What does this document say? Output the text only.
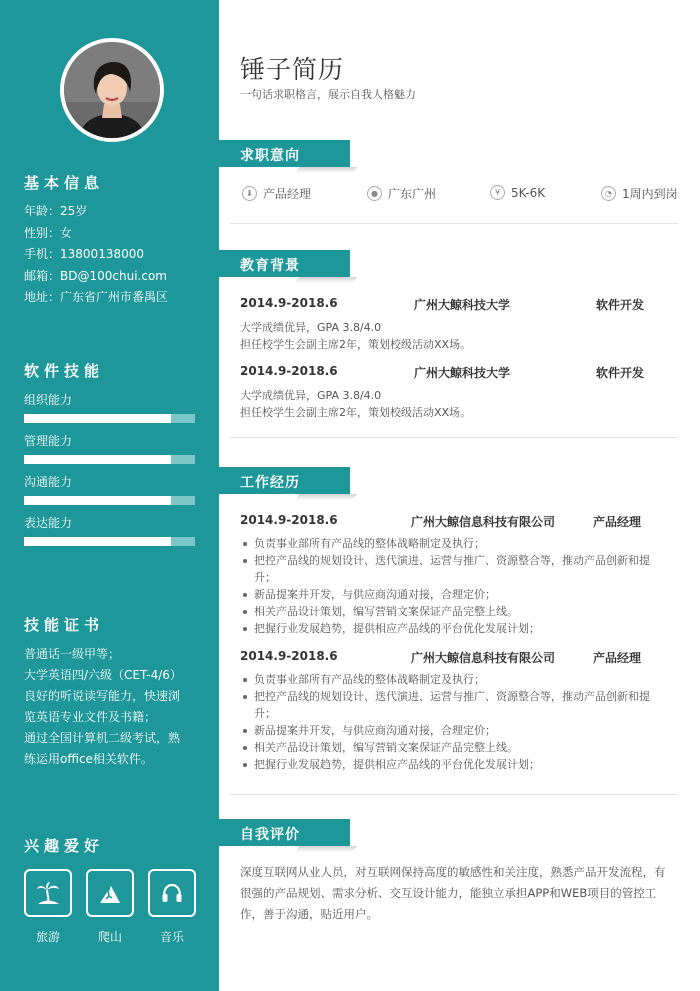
基本信息
年龄：25岁
性别：女
手机：13800138000
邮箱：BD@100chui.com
地址：广东省广州市番禺区
软件技能
组织能力
管理能力
沟通能力
表达能力
技能证书
普通话一级甲等；
大学英语四/六级（CET-4/6）
良好的听说读写能力，快速浏
览英语专业文件及书籍；
通过全国计算机二级考试，熟
练运用office相关软件。
兴趣爱好
旅游	爬山	音乐
锤子简历
一句话求职格言，展示自我人格魅力
求职意向
⬇ 产品经理	● 广东广州	¥ 5K-6K	◔ 1周内到岗
教育背景
2014.9-2018.6	广州大鲸科技大学	软件开发
大学成绩优异，GPA 3.8/4.0
担任校学生会副主席2年，策划校级活动XX场。
2014.9-2018.6	广州大鲸科技大学	软件开发
大学成绩优异，GPA 3.8/4.0
担任校学生会副主席2年，策划校级活动XX场。
工作经历
2014.9-2018.6	广州大鲸信息科技有限公司	产品经理
负责事业部所有产品线的整体战略制定及执行；
把控产品线的规划设计、迭代演进、运营与推广、资源整合等，推动产品创新和提升；
新品提案并开发，与供应商沟通对接，合理定价；
相关产品设计策划，编写营销文案保证产品完整上线。
把握行业发展趋势，提供相应产品线的平台优化发展计划；
2014.9-2018.6	广州大鲸信息科技有限公司	产品经理
负责事业部所有产品线的整体战略制定及执行；
把控产品线的规划设计、迭代演进、运营与推广、资源整合等，推动产品创新和提升；
新品提案并开发，与供应商沟通对接，合理定价；
相关产品设计策划，编写营销文案保证产品完整上线。
把握行业发展趋势，提供相应产品线的平台优化发展计划；
自我评价
深度互联网从业人员，对互联网保持高度的敏感性和关注度，熟悉产品开发流程，有很强的产品规划、需求分析、交互设计能力，能独立承担APP和WEB项目的管控工作，善于沟通，贴近用户。
